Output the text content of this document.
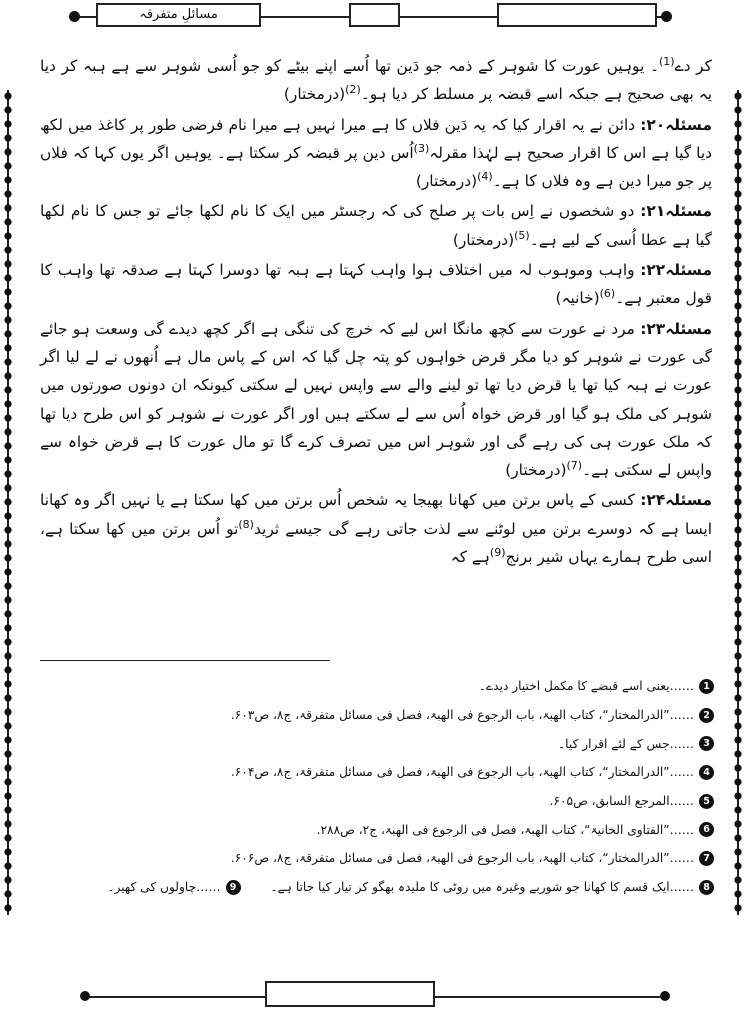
مسائلِ متفرقہ

کر دے$^{(1)}$۔ یوہیں عورت کا شوہر کے ذمہ جو دَین تھا اُسے اپنے بیٹے کو جو اُسی شوہر سے ہے ہبہ کر دیا یہ بھی صحیح ہے جبکہ اسے قبضہ پر مسلط کر دیا ہو۔$^{(2)}$(درمختار)

مسئلہ۲۰: دائن نے یہ اقرار کیا کہ یہ دَین فلاں کا ہے میرا نہیں ہے میرا نام فرضی طور پر کاغذ میں لکھ دیا گیا ہے اس کا اقرار صحیح ہے لہٰذا مقرلہ$^{(3)}$اُس دین پر قبضہ کر سکتا ہے۔ یوہیں اگر یوں کہا کہ فلاں پر جو میرا دین ہے وہ فلاں کا ہے۔$^{(4)}$(درمختار)

مسئلہ۲۱: دو شخصوں نے اِس بات پر صلح کی کہ رجسٹر میں ایک کا نام لکھا جائے تو جس کا نام لکھا گیا ہے عطا اُسی کے لیے ہے۔$^{(5)}$(درمختار)

مسئلہ۲۲: واہب وموہوب لہ میں اختلاف ہوا واہب کہتا ہے ہبہ تھا دوسرا کہتا ہے صدقہ تھا واہب کا قول معتبر ہے۔$^{(6)}$(خانیہ)

مسئلہ۲۳: مرد نے عورت سے کچھ مانگا اس لیے کہ خرچ کی تنگی ہے اگر کچھ دیدے گی وسعت ہو جائے گی عورت نے شوہر کو دیا مگر قرض خواہوں کو پتہ چل گیا کہ اس کے پاس مال ہے اُنھوں نے لے لیا اگر عورت نے ہبہ کیا تھا یا قرض دیا تھا تو لینے والے سے واپس نہیں لے سکتی کیونکہ ان دونوں صورتوں میں شوہر کی ملک ہو گیا اور قرض خواہ اُس سے لے سکتے ہیں اور اگر عورت نے شوہر کو اس طرح دیا تھا کہ ملک عورت ہی کی رہے گی اور شوہر اس میں تصرف کرے گا تو مال عورت کا ہے قرض خواہ سے واپس لے سکتی ہے۔$^{(7)}$(درمختار)

مسئلہ۲۴: کسی کے پاس برتن میں کھانا بھیجا یہ شخص اُس برتن میں کھا سکتا ہے یا نہیں اگر وہ کھانا ایسا ہے کہ دوسرے برتن میں لوٹنے سے لذت جاتی رہے گی جیسے ثرید$^{(8)}$تو اُس برتن میں کھا سکتا ہے، اسی طرح ہمارے یہاں شیر برنج$^{(9)}$ہے کہ

1
……یعنی اسے قبضے کا مکمل اختیار دیدے۔
2
……”الدرالمختار“، کتاب الھبۃ، باب الرجوع فی الھبۃ، فصل فی مسائل متفرقۃ، ج۸، ص۶۰۳.
3
……جس کے لئے اقرار کیا۔
4
……”الدرالمختار“، کتاب الھبۃ، باب الرجوع فی الھبۃ، فصل فی مسائل متفرقۃ، ج۸، ص۶۰۴.
5
……المرجع السابق، ص۶۰۵.
6
……”الفتاوی الخانیۃ“، کتاب الھبۃ، فصل فی الرجوع فی الھبۃ، ج۲، ص۲۸۸.
7
……”الدرالمختار“، کتاب الھبۃ، باب الرجوع فی الھبۃ، فصل فی مسائل متفرقۃ، ج۸، ص۶۰۶.
8
……ایک قسم کا کھانا جو شوربے وغیرہ میں روٹی کا ملیدہ بھگو کر تیار کیا جاتا ہے۔
9
……چاولوں کی کھیر۔
